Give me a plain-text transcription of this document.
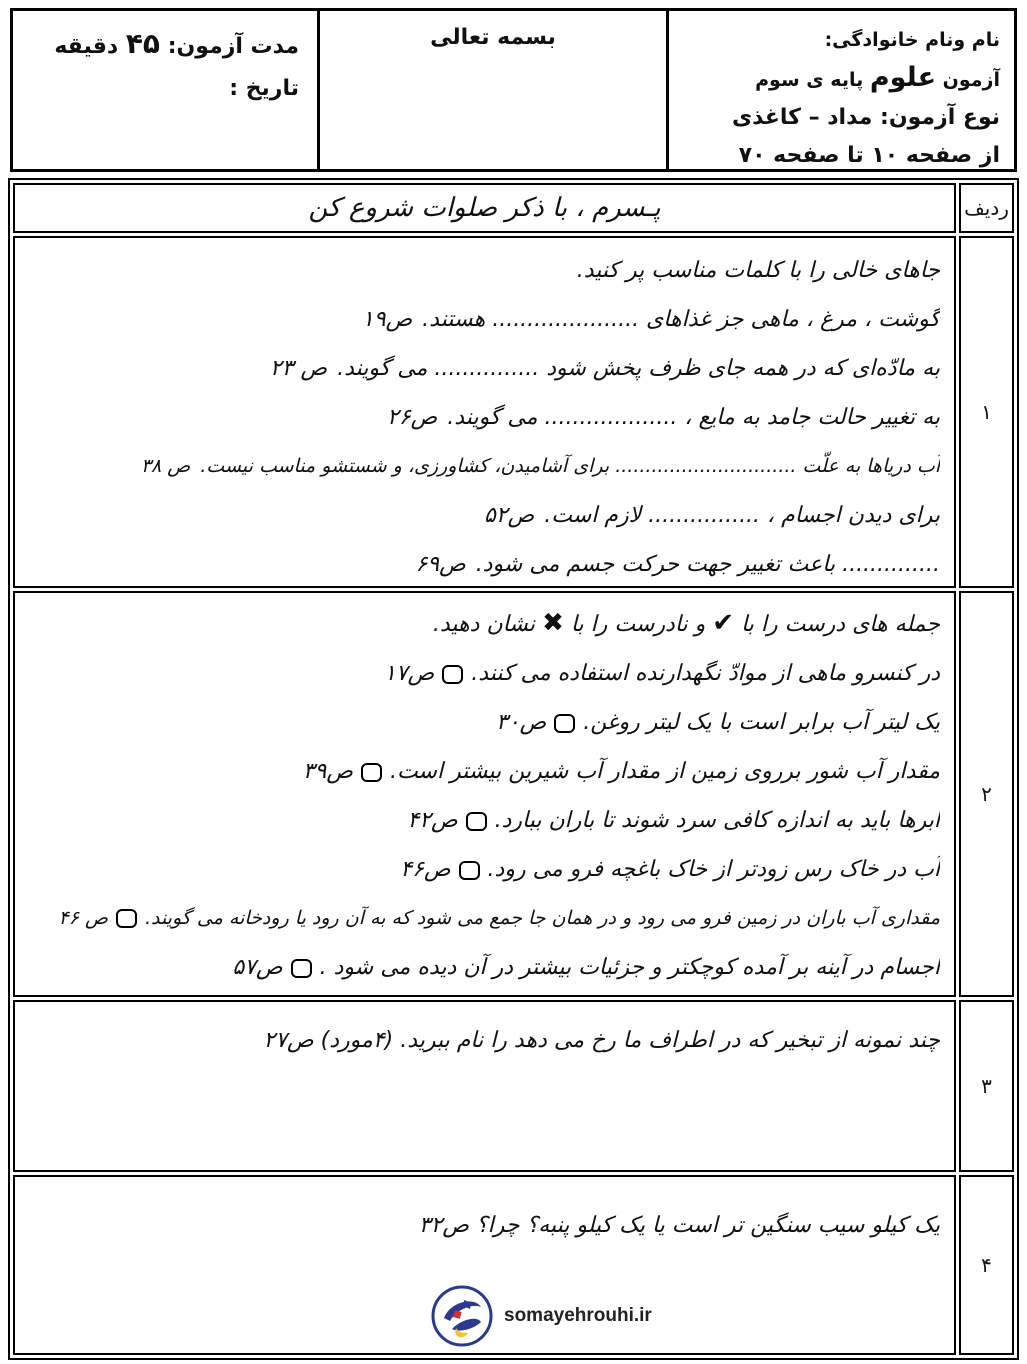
نام ونام خانوادگی:
آزمون علوم پایه ی سوم
نوع آزمون: مداد – کاغذی
از صفحه ۱۰ تا صفحه ۷۰
بسمه تعالی
مدت آزمون: ۴۵ دقیقه
تاریخ :
ردیف
پـسرم ، با ذکر صلوات شروع کن
۱
جاهای خالی را با کلمات مناسب پر کنید.
گوشت ، مرغ ، ماهی جز غذاهای ..................... هستند.ص۱۹
به مادّه‌ای که در همه جای ظرف پخش شود ............... می گویند.ص ۲۳
به تغییر حالت جامد به مایع ، ................... می گویند.ص۲۶
آب دریاها به علّت .............................. برای آشامیدن، کشاورزی، و شستشو مناسب نیست.ص ۳۸
برای دیدن اجسام ، ................ لازم است.ص۵۲
.............. باعث تغییر جهت حرکت جسم می شود.ص۶۹
۲
جمله های درست را با ✔ و نادرست را با ✖ نشان دهید.
در کنسرو ماهی از موادّ نگهدارنده استفاده می کنند.ص۱۷
یک لیتر آب برابر است با یک لیتر روغن.ص۳۰
مقدار آب شور برروی زمین از مقدار آب شیرین بیشتر است.ص۳۹
ابرها باید به اندازه کافی سرد شوند تا باران ببارد.ص۴۲
آب در خاک رس زودتر از خاک باغچه فرو می رود.ص۴۶
مقداری آب باران در زمین فرو می رود و در همان جا جمع می شود که به آن رود یا رودخانه می گویند.ص ۴۶
اجسام در آینه بر آمده کوچکتر و جزئیات بیشتر در آن دیده می شود .ص۵۷
۳
چند نمونه از تبخیر که در اطراف ما رخ می دهد را نام ببرید. (۴مورد) ص۲۷
۴
یک کیلو سیب سنگین تر است یا یک کیلو پنبه؟ چرا؟ ص۳۲
somayehrouhi.ir
